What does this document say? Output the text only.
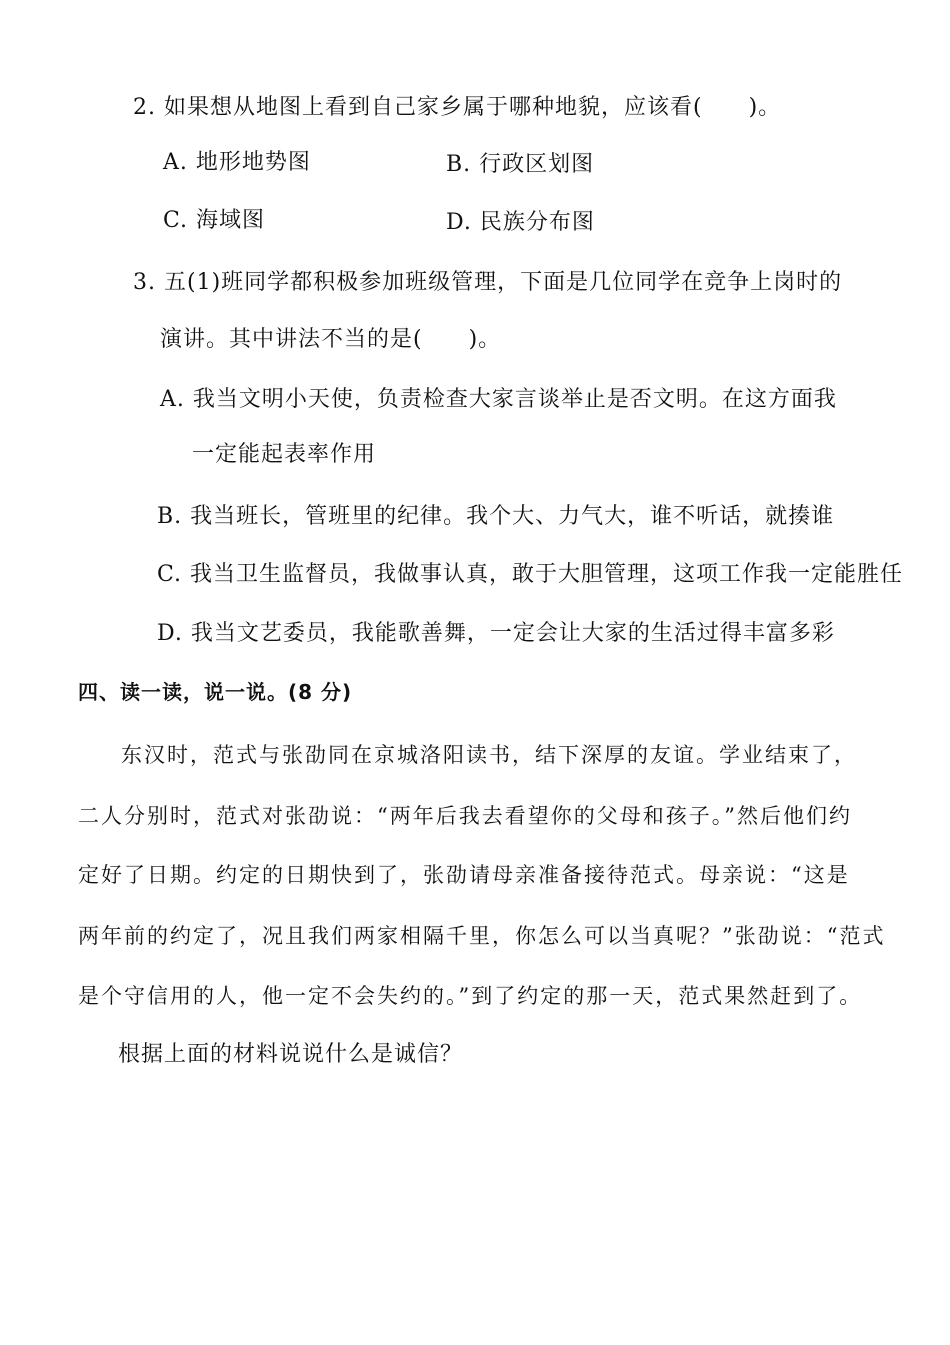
2. 如果想从地图上看到自己家乡属于哪种地貌，应该看(　　)。
A. 地形地势图	B. 行政区划图
C. 海域图	D. 民族分布图
3. 五(1)班同学都积极参加班级管理，下面是几位同学在竞争上岗时的
演讲。其中讲法不当的是(　　)。
A. 我当文明小天使，负责检查大家言谈举止是否文明。在这方面我
一定能起表率作用
B. 我当班长，管班里的纪律。我个大、力气大，谁不听话，就揍谁
C. 我当卫生监督员，我做事认真，敢于大胆管理，这项工作我一定能胜任
D. 我当文艺委员，我能歌善舞，一定会让大家的生活过得丰富多彩
四、读一读，说一说。(8 分)
东汉时，范式与张劭同在京城洛阳读书，结下深厚的友谊。学业结束了，
二人分别时，范式对张劭说：“两年后我去看望你的父母和孩子。”然后他们约
定好了日期。约定的日期快到了，张劭请母亲准备接待范式。母亲说：“这是
两年前的约定了，况且我们两家相隔千里，你怎么可以当真呢？”张劭说：“范式
是个守信用的人，他一定不会失约的。”到了约定的那一天，范式果然赶到了。
根据上面的材料说说什么是诚信？
